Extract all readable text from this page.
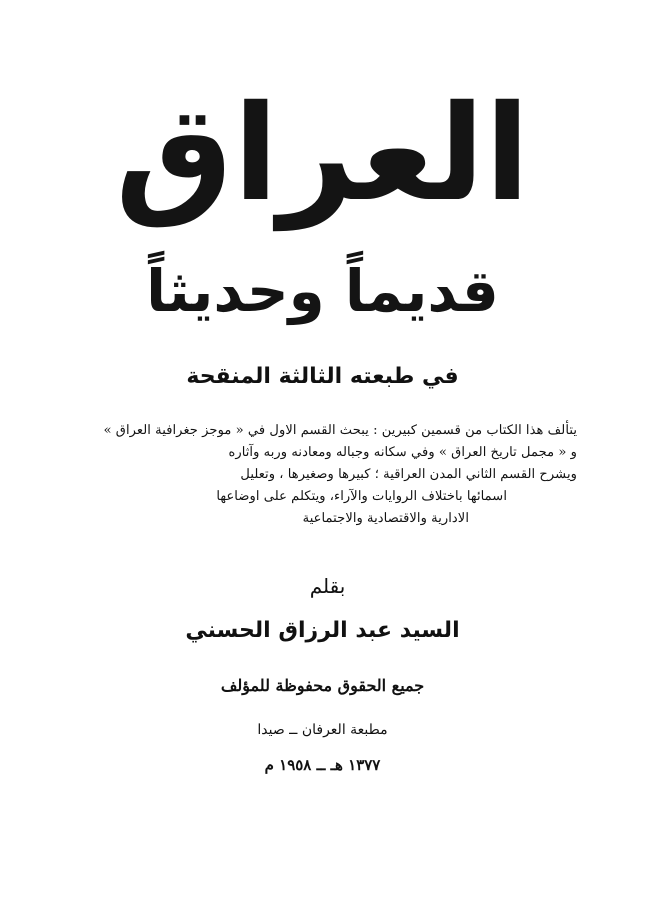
العراق
قديماً وحديثاً
في طبعته الثالثة المنقحة
يتألف هذا الكتاب من قسمين كبيرين : يبحث القسم الاول في « موجز جغرافية العراق »
و « مجمل تاريخ العراق » وفي سكانه وجباله ومعادنه وربه وآثاره
ويشرح القسم الثاني المدن العراقية ؛ كبيرها وصغيرها ، وتعليل
اسمائها باختلاف الروايات والآراء، ويتكلم على اوضاعها
الادارية والاقتصادية والاجتماعية
بقلم
السيد عبد الرزاق الحسني
جميع الحقوق محفوظة للمؤلف
مطبعة العرفان ــ صيدا
١٣٧٧ هـ ــ ١٩٥٨ م
